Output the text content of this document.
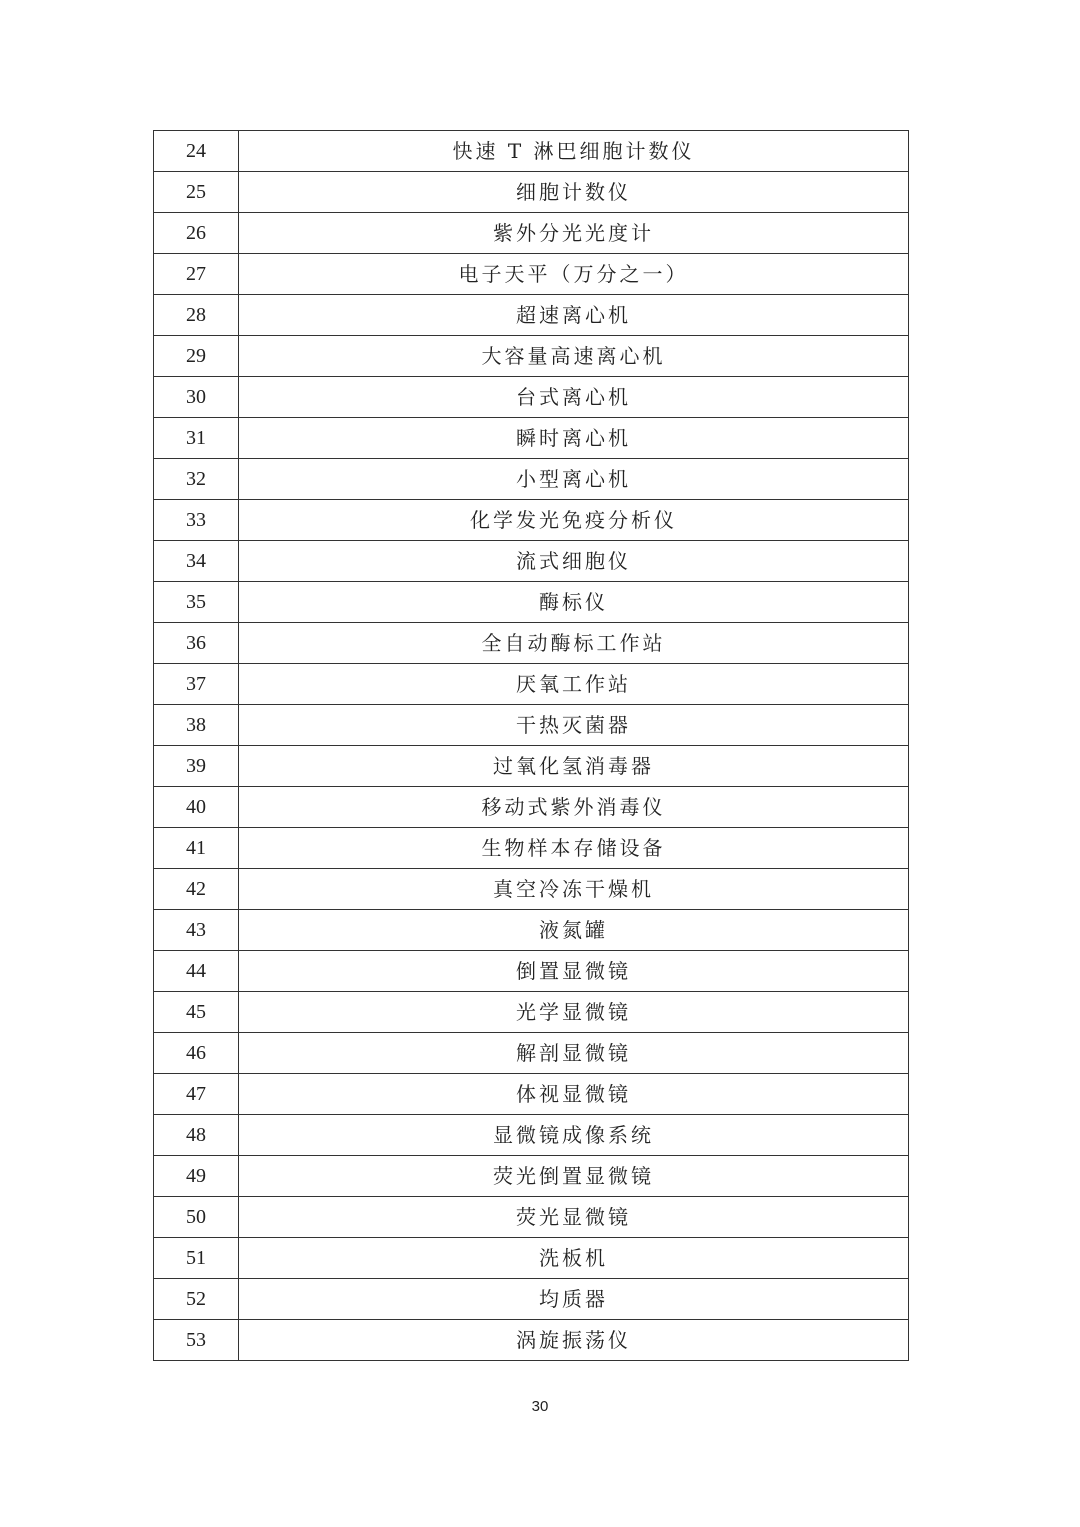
24	快速 T 淋巴细胞计数仪
25	细胞计数仪
26	紫外分光光度计
27	电子天平（万分之一）
28	超速离心机
29	大容量高速离心机
30	台式离心机
31	瞬时离心机
32	小型离心机
33	化学发光免疫分析仪
34	流式细胞仪
35	酶标仪
36	全自动酶标工作站
37	厌氧工作站
38	干热灭菌器
39	过氧化氢消毒器
40	移动式紫外消毒仪
41	生物样本存储设备
42	真空冷冻干燥机
43	液氮罐
44	倒置显微镜
45	光学显微镜
46	解剖显微镜
47	体视显微镜
48	显微镜成像系统
49	荧光倒置显微镜
50	荧光显微镜
51	洗板机
52	均质器
53	涡旋振荡仪
30
